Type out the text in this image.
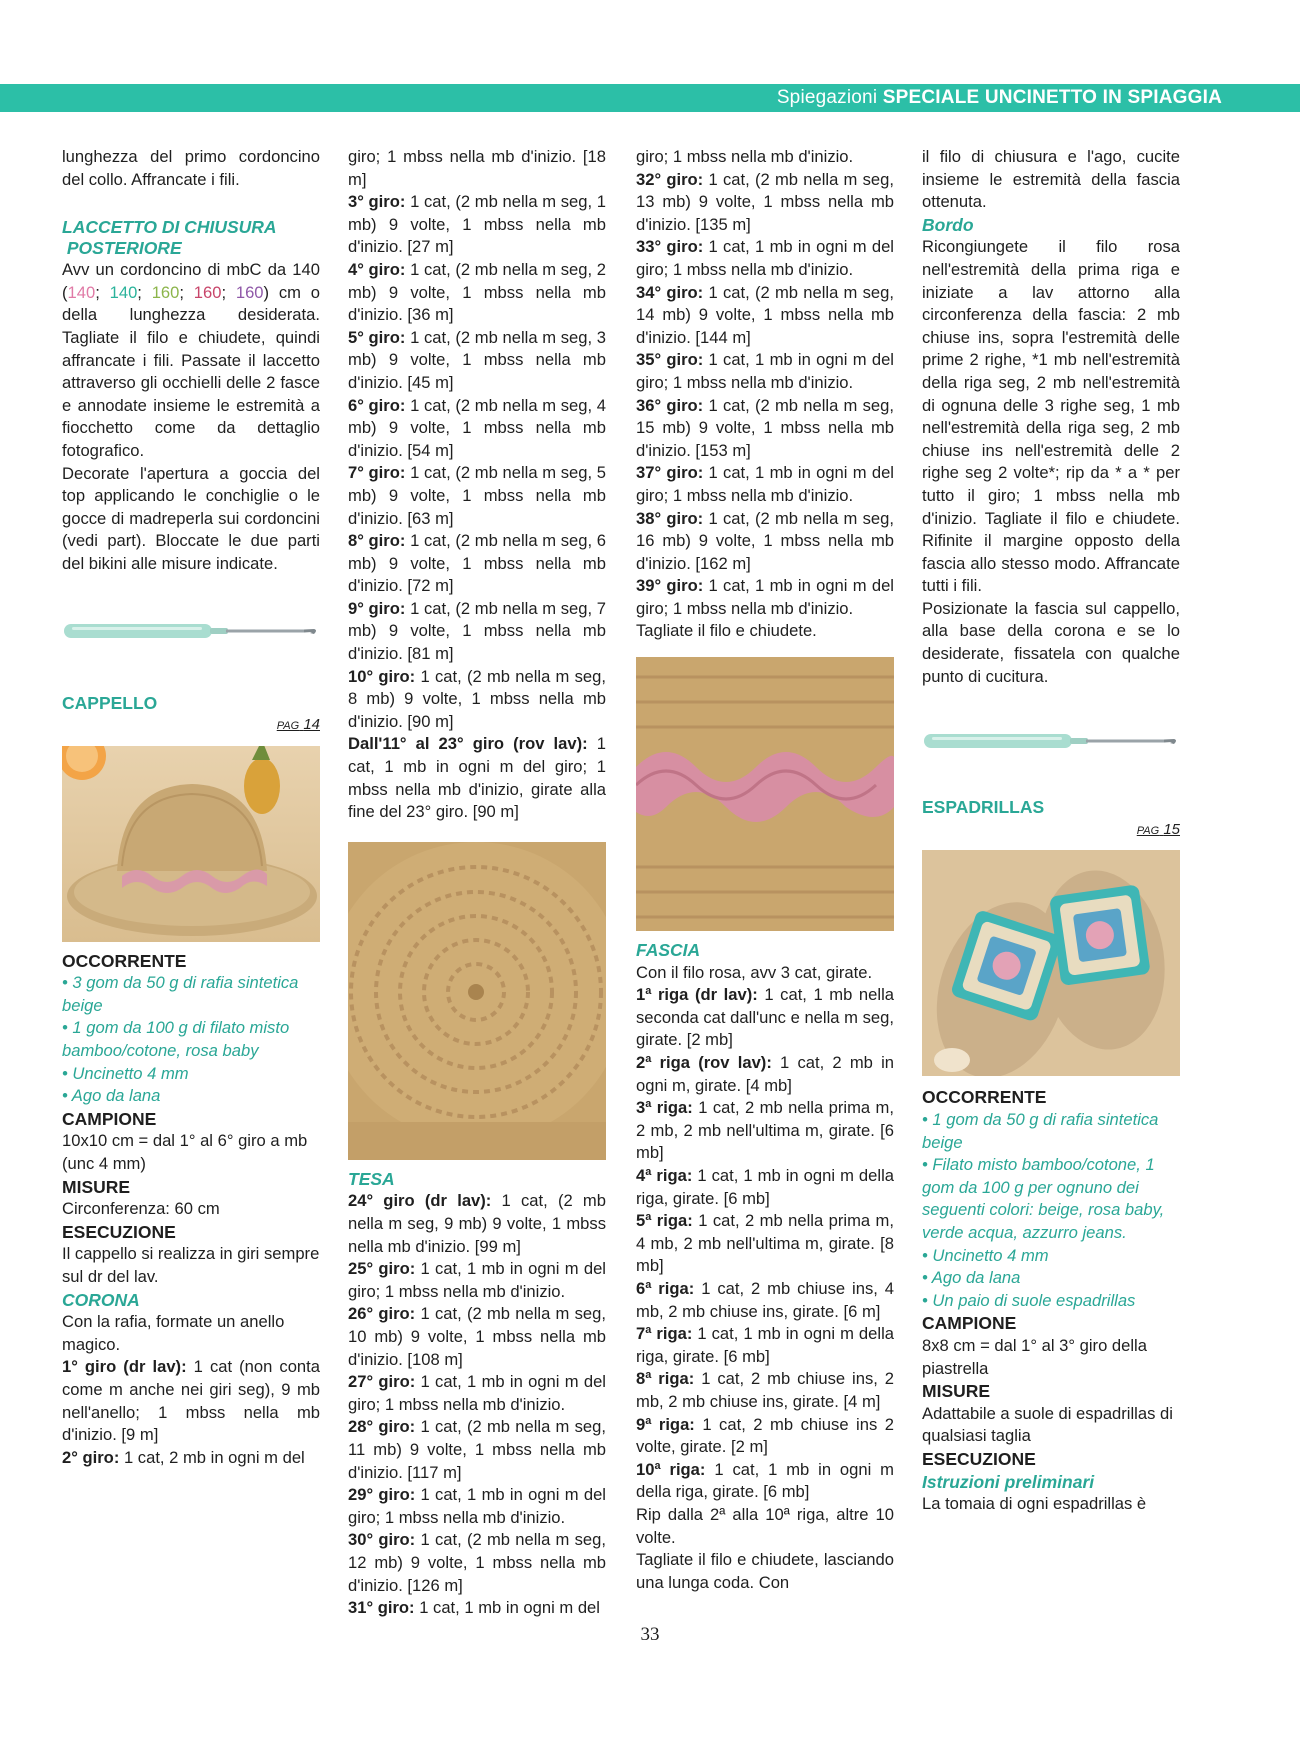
Spiegazioni SPECIALE UNCINETTO IN SPIAGGIA

lunghezza del primo cordoncino del collo. Affrancate i fili.

LACCETTO DI CHIUSURA
POSTERIORE

Avv un cordoncino di mbC da 140 (140; 140; 160; 160; 160) cm o della lunghezza desiderata. Tagliate il filo e chiudete, quindi affrancate i fili. Passate il laccetto attraverso gli occhielli delle 2 fasce e annodate insieme le estremità a fiocchetto come da dettaglio fotografico.

Decorate l'apertura a goccia del top applicando le conchiglie o le gocce di madreperla sui cordoncini (vedi part). Bloccate le due parti del bikini alle misure indicate.

CAPPELLO

PAG 14

OCCORRENTE

• 3 gom da 50 g di rafia sintetica beige

• 1 gom da 100 g di filato misto bamboo/cotone, rosa baby

• Uncinetto 4 mm

• Ago da lana

CAMPIONE

10x10 cm = dal 1° al 6° giro a mb (unc 4 mm)

MISURE

Circonferenza: 60 cm

ESECUZIONE

Il cappello si realizza in giri sempre sul dr del lav.

CORONA

Con la rafia, formate un anello magico.

1° giro (dr lav): 1 cat (non conta come m anche nei giri seg), 9 mb nell'anello; 1 mbss nella mb d'inizio. [9 m]

2° giro: 1 cat, 2 mb in ogni m del

giro; 1 mbss nella mb d'inizio. [18 m]

3° giro: 1 cat, (2 mb nella m seg, 1 mb) 9 volte, 1 mbss nella mb d'inizio. [27 m]

4° giro: 1 cat, (2 mb nella m seg, 2 mb) 9 volte, 1 mbss nella mb d'inizio. [36 m]

5° giro: 1 cat, (2 mb nella m seg, 3 mb) 9 volte, 1 mbss nella mb d'inizio. [45 m]

6° giro: 1 cat, (2 mb nella m seg, 4 mb) 9 volte, 1 mbss nella mb d'inizio. [54 m]

7° giro: 1 cat, (2 mb nella m seg, 5 mb) 9 volte, 1 mbss nella mb d'inizio. [63 m]

8° giro: 1 cat, (2 mb nella m seg, 6 mb) 9 volte, 1 mbss nella mb d'inizio. [72 m]

9° giro: 1 cat, (2 mb nella m seg, 7 mb) 9 volte, 1 mbss nella mb d'inizio. [81 m]

10° giro: 1 cat, (2 mb nella m seg, 8 mb) 9 volte, 1 mbss nella mb d'inizio. [90 m]

Dall'11° al 23° giro (rov lav): 1 cat, 1 mb in ogni m del giro; 1 mbss nella mb d'inizio, girate alla fine del 23° giro. [90 m]

TESA

24° giro (dr lav): 1 cat, (2 mb nella m seg, 9 mb) 9 volte, 1 mbss nella mb d'inizio. [99 m]

25° giro: 1 cat, 1 mb in ogni m del giro; 1 mbss nella mb d'inizio.

26° giro: 1 cat, (2 mb nella m seg, 10 mb) 9 volte, 1 mbss nella mb d'inizio. [108 m]

27° giro: 1 cat, 1 mb in ogni m del giro; 1 mbss nella mb d'inizio.

28° giro: 1 cat, (2 mb nella m seg, 11 mb) 9 volte, 1 mbss nella mb d'inizio. [117 m]

29° giro: 1 cat, 1 mb in ogni m del giro; 1 mbss nella mb d'inizio.

30° giro: 1 cat, (2 mb nella m seg, 12 mb) 9 volte, 1 mbss nella mb d'inizio. [126 m]

31° giro: 1 cat, 1 mb in ogni m del

giro; 1 mbss nella mb d'inizio.

32° giro: 1 cat, (2 mb nella m seg, 13 mb) 9 volte, 1 mbss nella mb d'inizio. [135 m]

33° giro: 1 cat, 1 mb in ogni m del giro; 1 mbss nella mb d'inizio.

34° giro: 1 cat, (2 mb nella m seg, 14 mb) 9 volte, 1 mbss nella mb d'inizio. [144 m]

35° giro: 1 cat, 1 mb in ogni m del giro; 1 mbss nella mb d'inizio.

36° giro: 1 cat, (2 mb nella m seg, 15 mb) 9 volte, 1 mbss nella mb d'inizio. [153 m]

37° giro: 1 cat, 1 mb in ogni m del giro; 1 mbss nella mb d'inizio.

38° giro: 1 cat, (2 mb nella m seg, 16 mb) 9 volte, 1 mbss nella mb d'inizio. [162 m]

39° giro: 1 cat, 1 mb in ogni m del giro; 1 mbss nella mb d'inizio.

Tagliate il filo e chiudete.

FASCIA

Con il filo rosa, avv 3 cat, girate.

1ª riga (dr lav): 1 cat, 1 mb nella seconda cat dall'unc e nella m seg, girate. [2 mb]

2ª riga (rov lav): 1 cat, 2 mb in ogni m, girate. [4 mb]

3ª riga: 1 cat, 2 mb nella prima m, 2 mb, 2 mb nell'ultima m, girate. [6 mb]

4ª riga: 1 cat, 1 mb in ogni m della riga, girate. [6 mb]

5ª riga: 1 cat, 2 mb nella prima m, 4 mb, 2 mb nell'ultima m, girate. [8 mb]

6ª riga: 1 cat, 2 mb chiuse ins, 4 mb, 2 mb chiuse ins, girate. [6 m]

7ª riga: 1 cat, 1 mb in ogni m della riga, girate. [6 mb]

8ª riga: 1 cat, 2 mb chiuse ins, 2 mb, 2 mb chiuse ins, girate. [4 m]

9ª riga: 1 cat, 2 mb chiuse ins 2 volte, girate. [2 m]

10ª riga: 1 cat, 1 mb in ogni m della riga, girate. [6 mb]

Rip dalla 2ª alla 10ª riga, altre 10 volte.

Tagliate il filo e chiudete, lasciando una lunga coda. Con

il filo di chiusura e l'ago, cucite insieme le estremità della fascia ottenuta.

Bordo

Ricongiungete il filo rosa nell'estremità della prima riga e iniziate a lav attorno alla circonferenza della fascia: 2 mb chiuse ins, sopra l'estremità delle prime 2 righe, *1 mb nell'estremità della riga seg, 2 mb nell'estremità di ognuna delle 3 righe seg, 1 mb nell'estremità della riga seg, 2 mb chiuse ins nell'estremità delle 2 righe seg 2 volte*; rip da * a * per tutto il giro; 1 mbss nella mb d'inizio. Tagliate il filo e chiudete. Rifinite il margine opposto della fascia allo stesso modo. Affrancate tutti i fili.

Posizionate la fascia sul cappello, alla base della corona e se lo desiderate, fissatela con qualche punto di cucitura.

ESPADRILLAS

PAG 15

OCCORRENTE

• 1 gom da 50 g di rafia sintetica beige

• Filato misto bamboo/cotone, 1 gom da 100 g per ognuno dei seguenti colori: beige, rosa baby, verde acqua, azzurro jeans.

• Uncinetto 4 mm

• Ago da lana

• Un paio di suole espadrillas

CAMPIONE

8x8 cm = dal 1° al 3° giro della piastrella

MISURE

Adattabile a suole di espadrillas di qualsiasi taglia

ESECUZIONE

Istruzioni preliminari

La tomaia di ogni espadrillas è

33
